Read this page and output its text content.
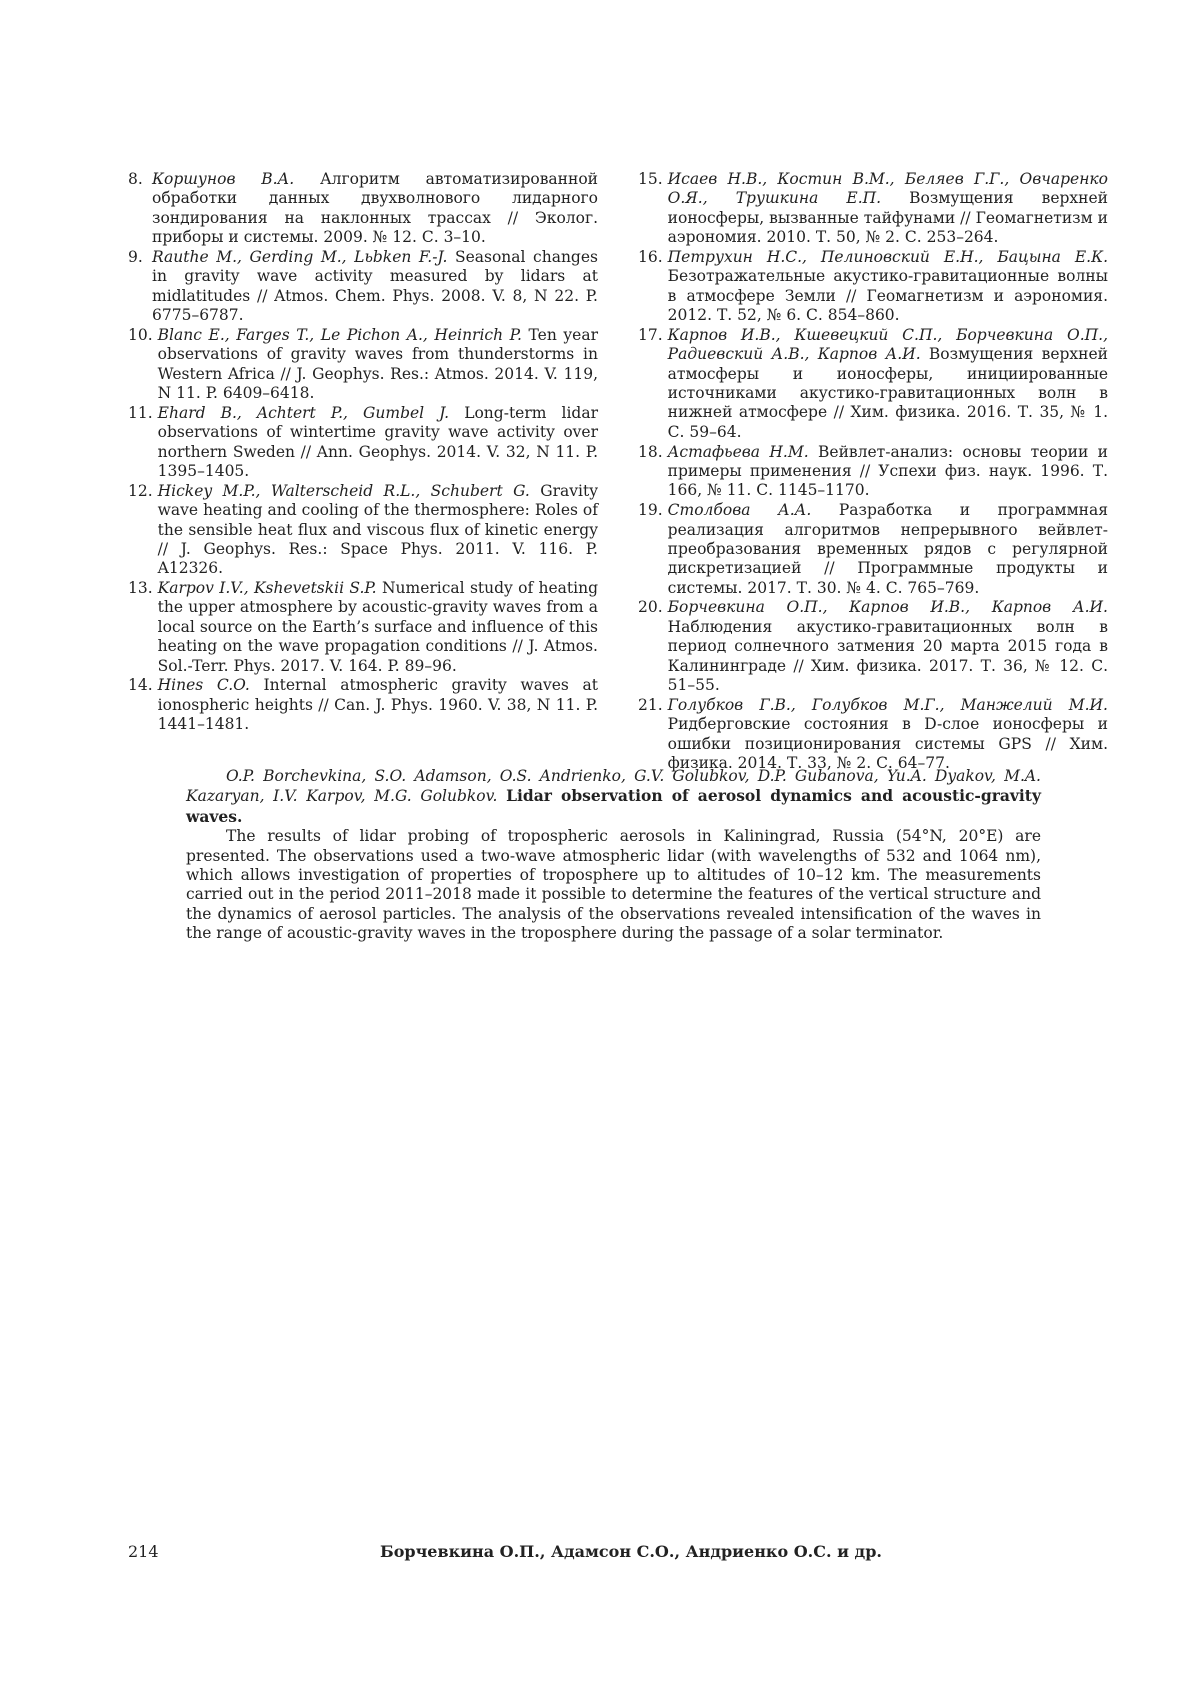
8. Коршунов В.А. Алгоритм автоматизированной обработки данных двухволнового лидарного зондирования на наклонных трассах // Эколог. приборы и системы. 2009. № 12. С. 3–10.
9. Rauthe M., Gerding M., Lьbken F.-J. Seasonal changes in gravity wave activity measured by lidars at midlatitudes // Atmos. Chem. Phys. 2008. V. 8, N 22. P. 6775–6787.
10. Blanc E., Farges T., Le Pichon A., Heinrich P. Ten year observations of gravity waves from thunderstorms in Western Africa // J. Geophys. Res.: Atmos. 2014. V. 119, N 11. P. 6409–6418.
11. Ehard B., Achtert P., Gumbel J. Long-term lidar observations of wintertime gravity wave activity over northern Sweden // Ann. Geophys. 2014. V. 32, N 11. P. 1395–1405.
12. Hickey M.P., Walterscheid R.L., Schubert G. Gravity wave heating and cooling of the thermosphere: Roles of the sensible heat flux and viscous flux of kinetic energy // J. Geophys. Res.: Space Phys. 2011. V. 116. P. A12326.
13. Karpov I.V., Kshevetskii S.P. Numerical study of heating the upper atmosphere by acoustic-gravity waves from a local source on the Earth’s surface and influence of this heating on the wave propagation conditions // J. Atmos. Sol.-Terr. Phys. 2017. V. 164. P. 89–96.
14. Hines C.O. Internal atmospheric gravity waves at ionospheric heights // Can. J. Phys. 1960. V. 38, N 11. P. 1441–1481.
15. Исаев Н.В., Костин В.М., Беляев Г.Г., Овчаренко О.Я., Трушкина Е.П. Возмущения верхней ионосферы, вызванные тайфунами // Геомагнетизм и аэрономия. 2010. Т. 50, № 2. С. 253–264.
16. Петрухин Н.С., Пелиновский Е.Н., Бацына Е.К. Безотражательные акустико-гравитационные волны в атмосфере Земли // Геомагнетизм и аэрономия. 2012. Т. 52, № 6. С. 854–860.
17. Карпов И.В., Кшевецкий С.П., Борчевкина О.П., Радиевский А.В., Карпов А.И. Возмущения верхней атмосферы и ионосферы, инициированные источниками акустико-гравитационных волн в нижней атмосфере // Хим. физика. 2016. Т. 35, № 1. С. 59–64.
18. Астафьева Н.М. Вейвлет-анализ: основы теории и примеры применения // Успехи физ. наук. 1996. Т. 166, № 11. С. 1145–1170.
19. Столбова А.А. Разработка и программная реализация алгоритмов непрерывного вейвлет-преобразования временных рядов с регулярной дискретизацией // Программные продукты и системы. 2017. Т. 30. № 4. С. 765–769.
20. Борчевкина О.П., Карпов И.В., Карпов А.И. Наблюдения акустико-гравитационных волн в период солнечного затмения 20 марта 2015 года в Калининграде // Хим. физика. 2017. Т. 36, № 12. С. 51–55.
21. Голубков Г.В., Голубков М.Г., Манжелий М.И. Ридберговские состояния в D-слое ионосферы и ошибки позиционирования системы GPS // Хим. физика. 2014. Т. 33, № 2. С. 64–77.

O.P. Borchevkina, S.O. Adamson, O.S. Andrienko, G.V. Golubkov, D.P. Gubanova, Yu.A. Dyakov, M.A. Kazaryan, I.V. Karpov, M.G. Golubkov. Lidar observation of aerosol dynamics and acoustic-gravity waves.

The results of lidar probing of tropospheric aerosols in Kaliningrad, Russia (54°N, 20°E) are presented. The observations used a two-wave atmospheric lidar (with wavelengths of 532 and 1064 nm), which allows investigation of properties of troposphere up to altitudes of 10–12 km. The measurements carried out in the period 2011–2018 made it possible to determine the features of the vertical structure and the dynamics of aerosol particles. The analysis of the observations revealed intensification of the waves in the range of acoustic-gravity waves in the troposphere during the passage of a solar terminator.

214	Борчевкина О.П., Адамсон С.О., Андриенко О.С. и др.
